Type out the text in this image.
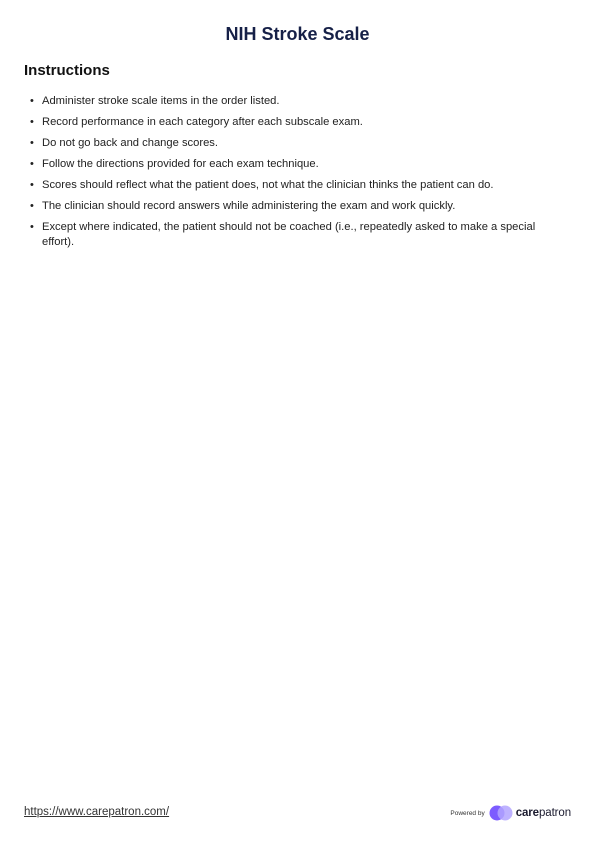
NIH Stroke Scale
Instructions
• Administer stroke scale items in the order listed.
• Record performance in each category after each subscale exam.
• Do not go back and change scores.
• Follow the directions provided for each exam technique.
• Scores should reflect what the patient does, not what the clinician thinks the patient can do.
• The clinician should record answers while administering the exam and work quickly.
• Except where indicated, the patient should not be coached (i.e., repeatedly asked to make a special effort).
https://www.carepatron.com/	Powered by	carepatron
